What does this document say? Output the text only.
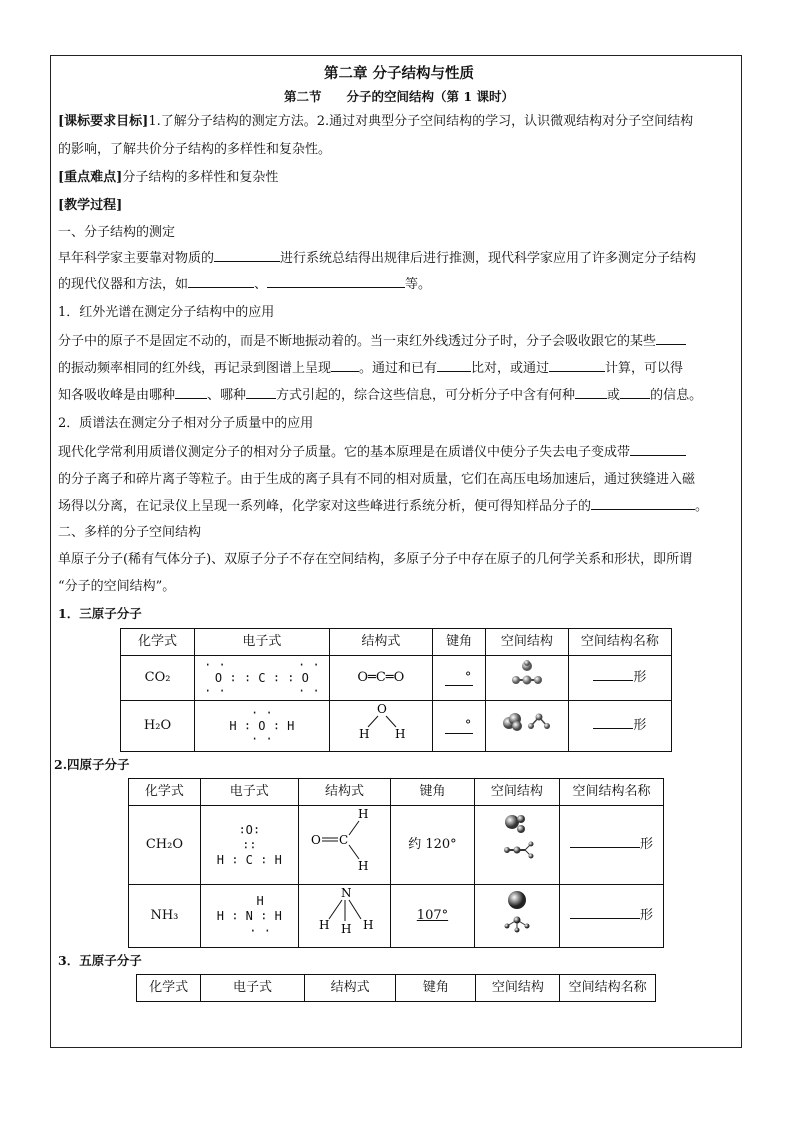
第二章 分子结构与性质
第二节　　分子的空间结构（第 1 课时）

[课标要求目标]1.了解分子结构的测定方法。2.通过对典型分子空间结构的学习，认识微观结构对分子空间结构
的影响，了解共价分子结构的多样性和复杂性。

[重点难点]分子结构的多样性和复杂性

[教学过程]

一、分子结构的测定

早年科学家主要靠对物质的	进行系统总结得出规律后进行推测，现代科学家应用了许多测定分子结构

的现代仪器和方法，如	、	等。

1．红外光谱在测定分子结构中的应用

分子中的原子不是固定不动的，而是不断地振动着的。当一束红外线透过分子时，分子会吸收跟它的某些
的振动频率相同的红外线，再记录到图谱上呈现 。通过和已有	比对，或通过	计算，可以得
知各吸收峰是由哪种 、哪种 方式引起的，综合这些信息，可分析分子中含有何种 或 的信息。

2．质谱法在测定分子相对分子质量中的应用

现代化学常利用质谱仪测定分子的相对分子质量。它的基本原理是在质谱仪中使分子失去电子变成带
的分子离子和碎片离子等粒子。由于生成的离子具有不同的相对质量，它们在高压电场加速后，通过狭缝进入磁
场得以分离，在记录仪上呈现一系列峰，化学家对这些峰进行系统分析，便可得知样品分子的	。

二、多样的分子空间结构

单原子分子(稀有气体分子)、双原子分子不存在空间结构，多原子分子中存在原子的几何学关系和形状，即所谓
“分子的空间结构”。

1．三原子分子

化学式	电子式	结构式	键角	空间结构	空间结构名称
CO₂	· ·          · ·
O ∶ ∶ C ∶ ∶ O
· ·          · ·	O═C═O	°		形
H₂O	· ·
H ∶ O ∶ H
· ·	O
H H	°		形

2.四原子分子

化学式	电子式	结构式	键角	空间结构	空间结构名称
CH₂O	∶O∶
∶∶
H ∶ C ∶ H	O C
H
H	约 120°		形
NH₃	H
H ∶ N ∶ H
· ·	N
H H H	107°		形

3．五原子分子

化学式	电子式	结构式	键角	空间结构	空间结构名称
